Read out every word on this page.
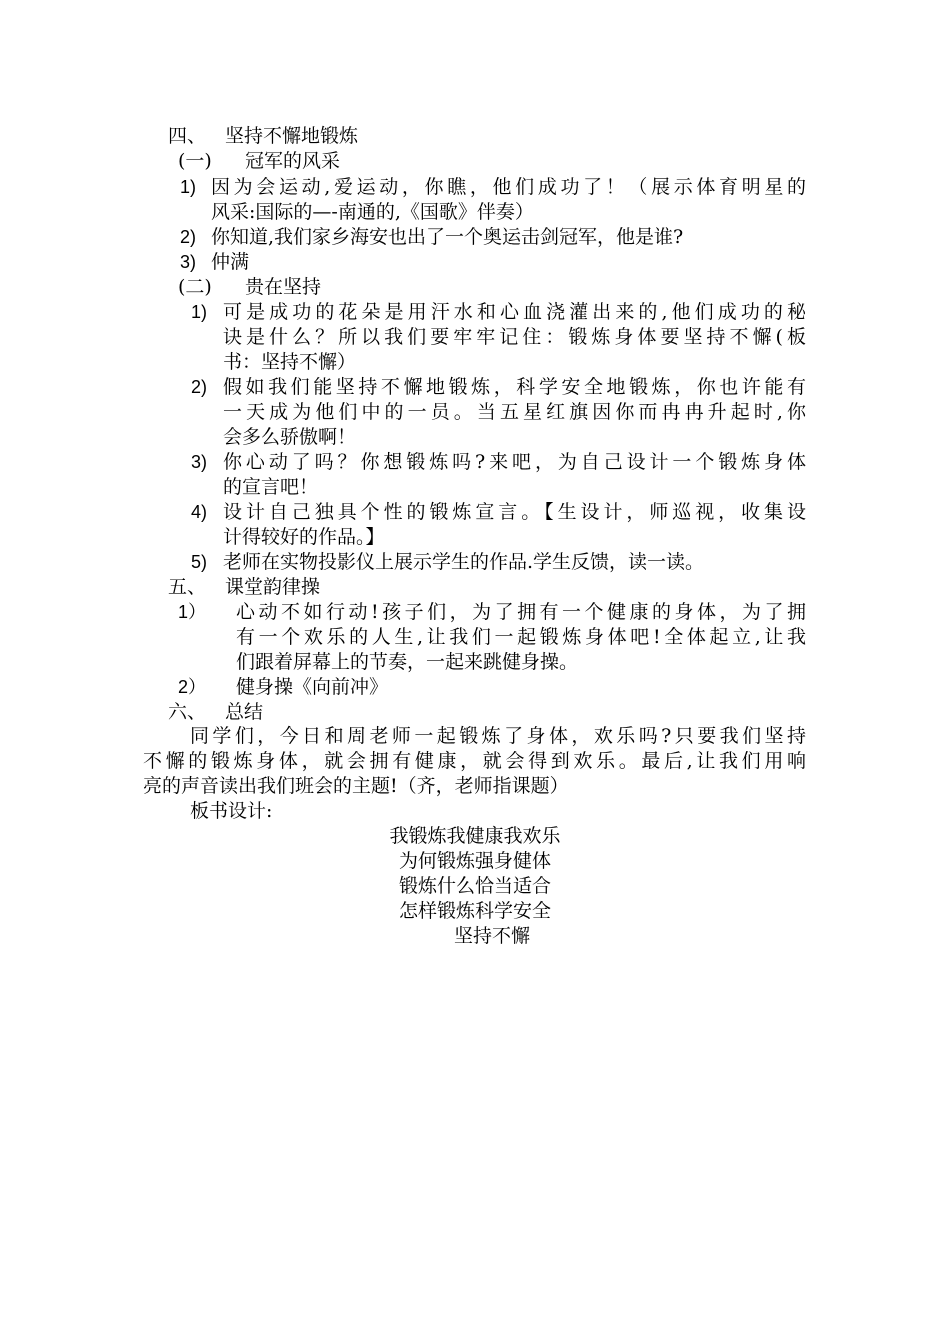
四、 坚持不懈地锻炼
(一) 冠军的风采
1) 因为会运动,爱运动，你瞧，他们成功了！（展示体育明星的
风采:国际的—-南通的,《国歌》伴奏）
2) 你知道,我们家乡海安也出了一个奥运击剑冠军，他是谁?
3) 仲满
(二) 贵在坚持
1) 可是成功的花朵是用汗水和心血浇灌出来的,他们成功的秘
诀是什么？所以我们要牢牢记住：锻炼身体要坚持不懈(板
书：坚持不懈）
2) 假如我们能坚持不懈地锻炼，科学安全地锻炼，你也许能有
一天成为他们中的一员。当五星红旗因你而冉冉升起时,你
会多么骄傲啊！
3) 你心动了吗？你想锻炼吗?来吧，为自己设计一个锻炼身体
的宣言吧！
4) 设计自己独具个性的锻炼宣言。【生设计，师巡视，收集设
计得较好的作品。】
5) 老师在实物投影仪上展示学生的作品.学生反馈，读一读。
五、 课堂韵律操
1） 心动不如行动!孩子们，为了拥有一个健康的身体，为了拥
有一个欢乐的人生,让我们一起锻炼身体吧!全体起立,让我
们跟着屏幕上的节奏，一起来跳健身操。
2） 健身操《向前冲》
六、 总结
同学们，今日和周老师一起锻炼了身体，欢乐吗?只要我们坚持
不懈的锻炼身体，就会拥有健康，就会得到欢乐。最后,让我们用响
亮的声音读出我们班会的主题!（齐，老师指课题）
板书设计:
我锻炼我健康我欢乐
为何锻炼强身健体
锻炼什么恰当适合
怎样锻炼科学安全
坚持不懈
